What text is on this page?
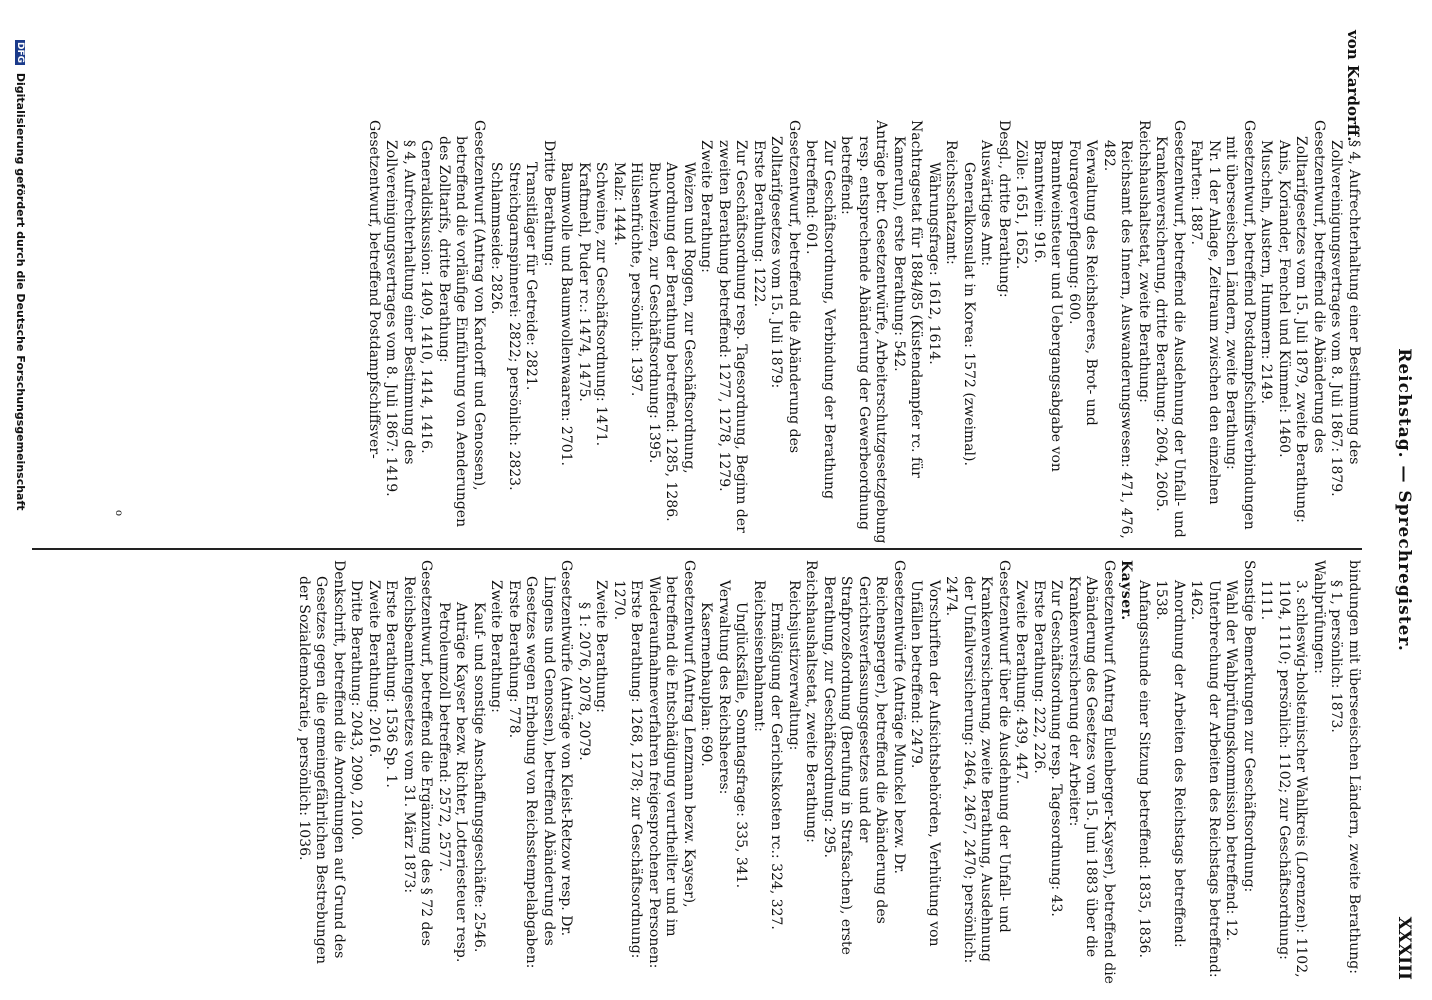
Reichstag. — Sprechregister.
XXXIII
von Kardorff.

§ 4, Aufrechterhaltung einer Bestimmung des Zollvereinigungsvertrages vom 8. Juli 1867: 1879.

Gesetzentwurf, betreffend die Abänderung des Zolltarifgesetzes vom 15. Juli 1879, zweite Berathung:

Anis, Koriander, Fenchel und Kümmel: 1460.

Muscheln, Austern, Hummern: 2149.

Gesetzentwurf, betreffend Postdampfschiffsverbindungen mit überseeischen Ländern, zweite Berathung:

Nr. 1 der Anlage, Zeitraum zwischen den einzelnen Fahrten: 1887.

Gesetzentwurf, betreffend die Ausdehnung der Unfall- und Krankenversicherung, dritte Berathung: 2604, 2605.

Reichshaushaltsetat, zweite Berathung:

Reichsamt des Innern, Auswanderungswesen: 471, 476, 482.

Verwaltung des Reichsheeres, Brot- und Fourageverpflegung: 600.

Branntweinsteuer und Uebergangsabgabe von Branntwein: 916.

Zölle: 1651, 1652.

Desgl., dritte Berathung:

Auswärtiges Amt:

Generalkonsulat in Korea: 1572 (zweimal).

Reichsschatzamt:

Währungsfrage: 1612, 1614.

Nachtragsetat für 1884/85 (Küstendampfer rc. für Kamerun), erste Berathung: 542.

Anträge betr. Gesetzentwürfe, Arbeiterschutzgesetzgebung resp. entsprechende Abänderung der Gewerbeordnung betreffend:

Zur Geschäftsordnung, Verbindung der Berathung betreffend: 601.

Gesetzentwurf, betreffend die Abänderung des Zolltarifgesetzes vom 15. Juli 1879:

Erste Berathung: 1222.

Zur Geschäftsordnung resp. Tagesordnung, Beginn der zweiten Berathung betreffend: 1277, 1278, 1279.

Zweite Berathung:

Weizen und Roggen, zur Geschäftsordnung, Anordnung der Berathung betreffend: 1285, 1286.

Buchweizen, zur Geschäftsordnung: 1395.

Hülsenfrüchte, persönlich: 1397.

Malz: 1444.

Schweine, zur Geschäftsordnung: 1471.

Kraftmehl, Puder rc.: 1474, 1475.

Baumwolle und Baumwollenwaaren: 2701.

Dritte Berathung:

Transitläger für Getreide: 2821.

Streichgarnspinnerei: 2822; persönlich: 2823.

Schlammseide: 2826.

Gesetzentwurf (Antrag von Kardorff und Genossen), betreffend die vorläufige Einführung von Aenderungen des Zolltarifs, dritte Berathung:

Generaldiskussion: 1409, 1410, 1414, 1416.

§ 4, Aufrechterhaltung einer Bestimmung des Zollvereinigungsvertrages vom 8. Juli 1867: 1419.

Gesetzentwurf, betreffend Postdampfschiffsver-

bindungen mit überseeischen Ländern, zweite Berathung:

§ 1, persönlich: 1873.

Wahlprüfungen:

3. schleswig-holsteinischer Wahlkreis (Lorenzen): 1102, 1104, 1110; persönlich: 1102; zur Geschäftsordnung: 1111.

Sonstige Bemerkungen zur Geschäftsordnung:

Wahl der Wahlprüfungskommission betreffend: 12.

Unterbrechung der Arbeiten des Reichstags betreffend: 1462.

Anordnung der Arbeiten des Reichstags betreffend: 1538.

Anfangsstunde einer Sitzung betreffend: 1835, 1836.

Kayser.

Gesetzentwurf (Antrag Eulenberger-Kayser), betreffend die Abänderung des Gesetzes vom 15. Juni 1883 über die Krankenversicherung der Arbeiter:

Zur Geschäftsordnung resp. Tagesordnung: 43.

Erste Berathung: 222, 226.

Zweite Berathung: 439, 447.

Gesetzentwurf über die Ausdehnung der Unfall- und Krankenversicherung, zweite Berathung, Ausdehnung der Unfallversicherung: 2464, 2467, 2470; persönlich: 2474.

Vorschriften der Aufsichtsbehörden, Verhütung von Unfällen betreffend: 2479.

Gesetzentwürfe (Anträge Munckel bezw. Dr. Reichensperger), betreffend die Abänderung des Gerichtsverfassungsgesetzes und der Strafprozeßordnung (Berufung in Strafsachen), erste Berathung, zur Geschäftsordnung: 295.

Reichshaushaltsetat, zweite Berathung:

Reichsjustizverwaltung:

Ermäßigung der Gerichtskosten rc.: 324, 327.

Reichseisenbahnamt:

Unglücksfälle, Sonntagsfrage: 335, 341.

Verwaltung des Reichsheeres:

Kasernenbauplan: 690.

Gesetzentwurf (Antrag Lenzmann bezw. Kayser), betreffend die Entschädigung verurtheilter und im Wiederaufnahmeverfahren freigesprochener Personen:

Erste Berathung: 1268, 1278; zur Geschäftsordnung: 1270.

Zweite Berathung:

§ 1: 2076, 2078, 2079.

Gesetzentwürfe (Anträge von Kleist-Retzow resp. Dr. Lingens und Genossen), betreffend Abänderung des Gesetzes wegen Erhebung von Reichsstempelabgaben:

Erste Berathung: 778.

Zweite Berathung:

Kauf- und sonstige Anschaffungsgeschäfte: 2546.

Anträge Kayser bezw. Richter, Lotteriesteuer resp. Petroleumzoll betreffend: 2572, 2577.

Gesetzentwurf, betreffend die Ergänzung des § 72 des Reichsbeamtengesetzes vom 31. März 1873:

Erste Berathung: 1536 Sp. 1.

Zweite Berathung: 2016.

Dritte Berathung: 2043, 2090, 2100.

Denkschrift, betreffend die Anordnungen auf Grund des Gesetzes gegen die gemeingefährlichen Bestrebungen der Sozialdemokratie, persönlich: 1036.

o
DFG Digitalisierung gefördert durch die Deutsche Forschungsgemeinschaft
